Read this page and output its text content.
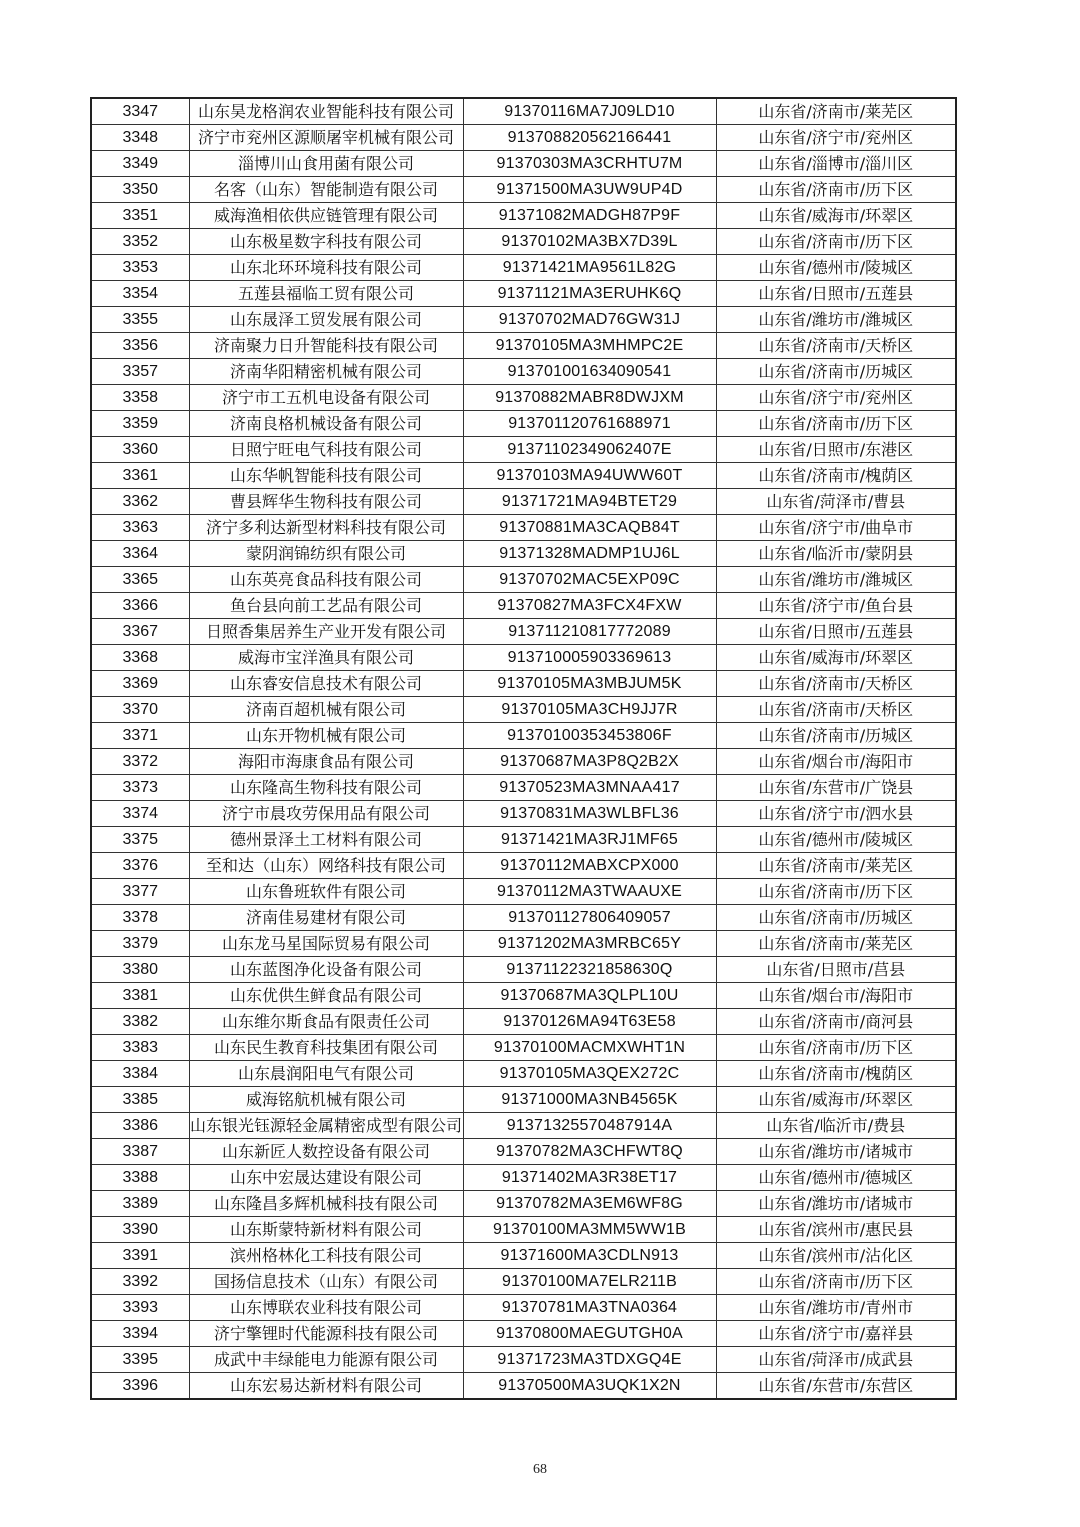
3347	山东昊龙格润农业智能科技有限公司	91370116MA7J09LD10	山东省/济南市/莱芜区
3348	济宁市兖州区源顺屠宰机械有限公司	913708820562166441	山东省/济宁市/兖州区
3349	淄博川山食用菌有限公司	91370303MA3CRHTU7M	山东省/淄博市/淄川区
3350	名客（山东）智能制造有限公司	91371500MA3UW9UP4D	山东省/济南市/历下区
3351	威海渔相依供应链管理有限公司	91371082MADGH87P9F	山东省/威海市/环翠区
3352	山东极星数字科技有限公司	91370102MA3BX7D39L	山东省/济南市/历下区
3353	山东北环环境科技有限公司	91371421MA9561L82G	山东省/德州市/陵城区
3354	五莲县福临工贸有限公司	91371121MA3ERUHK6Q	山东省/日照市/五莲县
3355	山东晟泽工贸发展有限公司	91370702MAD76GW31J	山东省/潍坊市/潍城区
3356	济南聚力日升智能科技有限公司	91370105MA3MHMPC2E	山东省/济南市/天桥区
3357	济南华阳精密机械有限公司	913701001634090541	山东省/济南市/历城区
3358	济宁市工五机电设备有限公司	91370882MABR8DWJXM	山东省/济宁市/兖州区
3359	济南良格机械设备有限公司	913701120761688971	山东省/济南市/历下区
3360	日照宁旺电气科技有限公司	91371102349062407E	山东省/日照市/东港区
3361	山东华帆智能科技有限公司	91370103MA94UWW60T	山东省/济南市/槐荫区
3362	曹县辉华生物科技有限公司	91371721MA94BTET29	山东省/菏泽市/曹县
3363	济宁多利达新型材料科技有限公司	91370881MA3CAQB84T	山东省/济宁市/曲阜市
3364	蒙阴润锦纺织有限公司	91371328MADMP1UJ6L	山东省/临沂市/蒙阴县
3365	山东英亮食品科技有限公司	91370702MAC5EXP09C	山东省/潍坊市/潍城区
3366	鱼台县向前工艺品有限公司	91370827MA3FCX4FXW	山东省/济宁市/鱼台县
3367	日照香集居养生产业开发有限公司	913711210817772089	山东省/日照市/五莲县
3368	威海市宝洋渔具有限公司	913710005903369613	山东省/威海市/环翠区
3369	山东睿安信息技术有限公司	91370105MA3MBJUM5K	山东省/济南市/天桥区
3370	济南百超机械有限公司	91370105MA3CH9JJ7R	山东省/济南市/天桥区
3371	山东开物机械有限公司	91370100353453806F	山东省/济南市/历城区
3372	海阳市海康食品有限公司	91370687MA3P8Q2B2X	山东省/烟台市/海阳市
3373	山东隆高生物科技有限公司	91370523MA3MNAA417	山东省/东营市/广饶县
3374	济宁市晨攻劳保用品有限公司	91370831MA3WLBFL36	山东省/济宁市/泗水县
3375	德州景泽土工材料有限公司	91371421MA3RJ1MF65	山东省/德州市/陵城区
3376	至和达（山东）网络科技有限公司	91370112MABXCPX000	山东省/济南市/莱芜区
3377	山东鲁班软件有限公司	91370112MA3TWAAUXE	山东省/济南市/历下区
3378	济南佳易建材有限公司	913701127806409057	山东省/济南市/历城区
3379	山东龙马星国际贸易有限公司	91371202MA3MRBC65Y	山东省/济南市/莱芜区
3380	山东蓝图净化设备有限公司	91371122321858630Q	山东省/日照市/莒县
3381	山东优供生鲜食品有限公司	91370687MA3QLPL10U	山东省/烟台市/海阳市
3382	山东维尔斯食品有限责任公司	91370126MA94T63E58	山东省/济南市/商河县
3383	山东民生教育科技集团有限公司	91370100MACMXWHT1N	山东省/济南市/历下区
3384	山东晨润阳电气有限公司	91370105MA3QEX272C	山东省/济南市/槐荫区
3385	威海铭航机械有限公司	91371000MA3NB4565K	山东省/威海市/环翠区
3386	山东银光钰源轻金属精密成型有限公司	91371325570487914A	山东省/临沂市/费县
3387	山东新匠人数控设备有限公司	91370782MA3CHFWT8Q	山东省/潍坊市/诸城市
3388	山东中宏晟达建设有限公司	91371402MA3R38ET17	山东省/德州市/德城区
3389	山东隆昌多辉机械科技有限公司	91370782MA3EM6WF8G	山东省/潍坊市/诸城市
3390	山东斯蒙特新材料有限公司	91370100MA3MM5WW1B	山东省/滨州市/惠民县
3391	滨州格林化工科技有限公司	91371600MA3CDLN913	山东省/滨州市/沾化区
3392	国扬信息技术（山东）有限公司	91370100MA7ELR211B	山东省/济南市/历下区
3393	山东博联农业科技有限公司	91370781MA3TNA0364	山东省/潍坊市/青州市
3394	济宁擎锂时代能源科技有限公司	91370800MAEGUTGH0A	山东省/济宁市/嘉祥县
3395	成武中丰绿能电力能源有限公司	91371723MA3TDXGQ4E	山东省/菏泽市/成武县
3396	山东宏易达新材料有限公司	91370500MA3UQK1X2N	山东省/东营市/东营区
68
